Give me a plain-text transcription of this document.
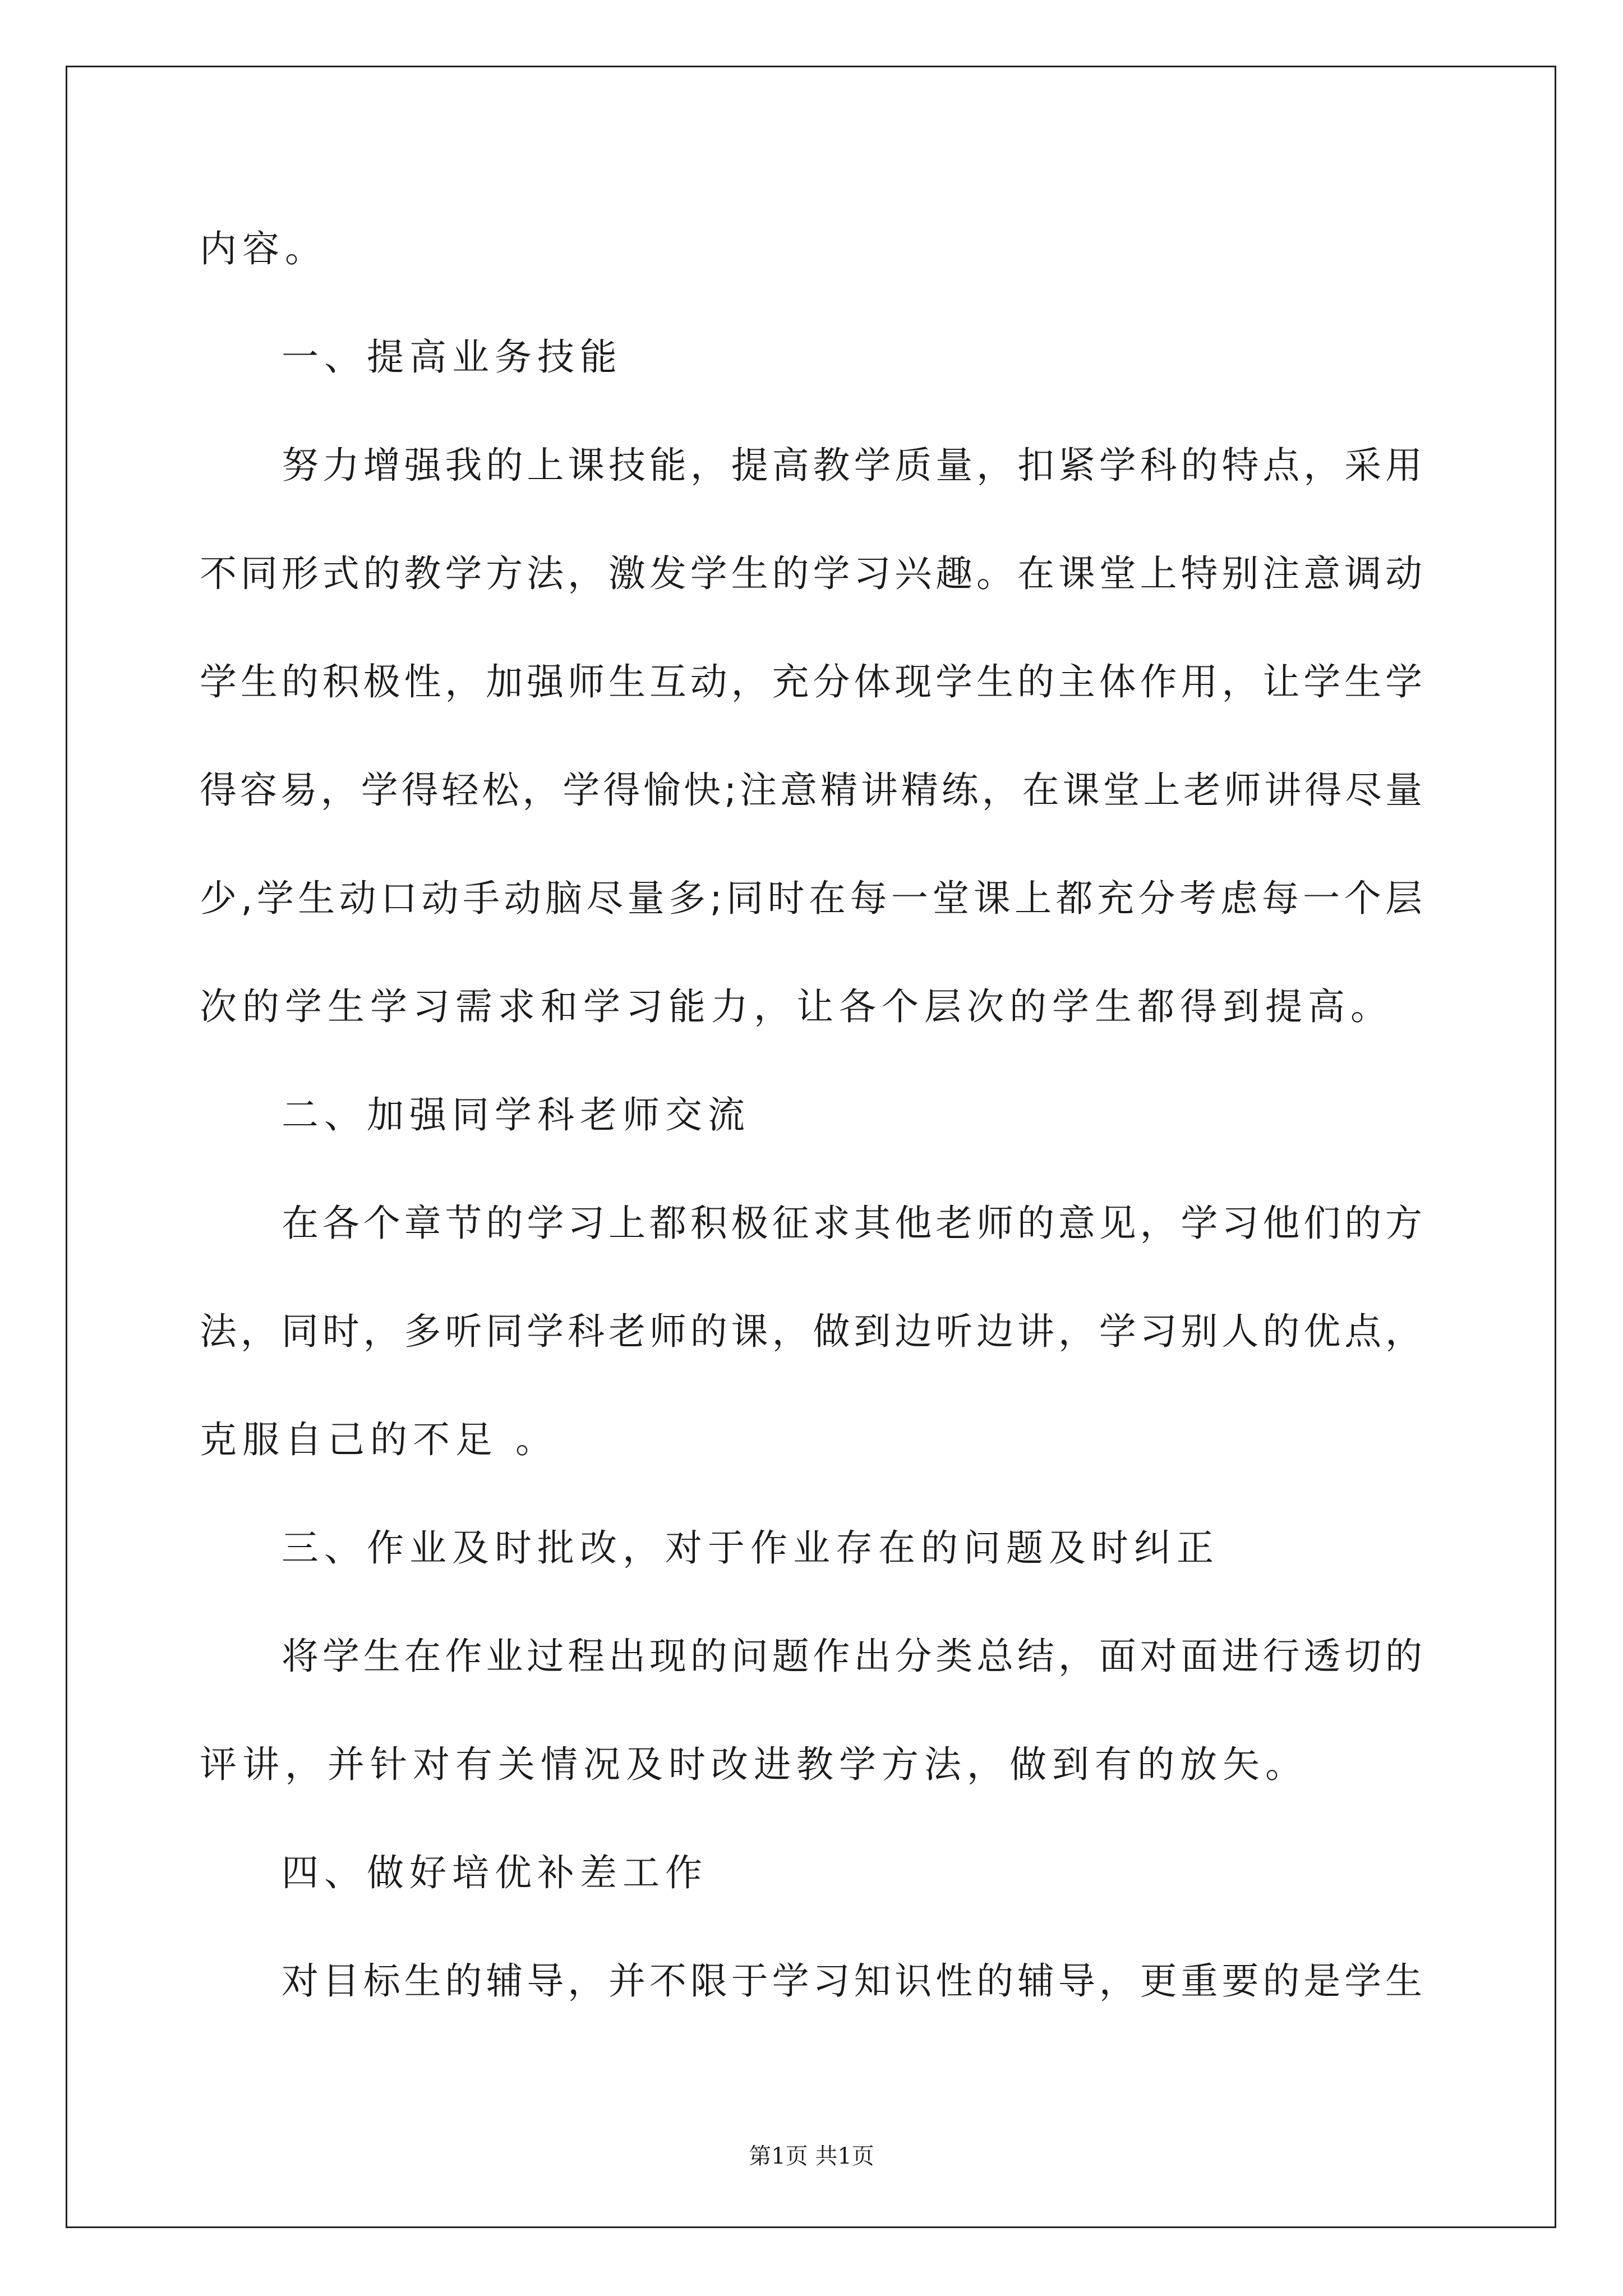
内容。
一、提高业务技能
努力增强我的上课技能，提高教学质量，扣紧学科的特点，采用
不同形式的教学方法，激发学生的学习兴趣。在课堂上特别注意调动
学生的积极性，加强师生互动，充分体现学生的主体作用，让学生学
得容易，学得轻松，学得愉快;注意精讲精练，在课堂上老师讲得尽量
少,学生动口动手动脑尽量多;同时在每一堂课上都充分考虑每一个层
次的学生学习需求和学习能力，让各个层次的学生都得到提高。
二、加强同学科老师交流
在各个章节的学习上都积极征求其他老师的意见，学习他们的方
法，同时，多听同学科老师的课，做到边听边讲，学习别人的优点，
克服自己的不足 。
三、作业及时批改，对于作业存在的问题及时纠正
将学生在作业过程出现的问题作出分类总结，面对面进行透切的
评讲，并针对有关情况及时改进教学方法，做到有的放矢。
四、做好培优补差工作
对目标生的辅导，并不限于学习知识性的辅导，更重要的是学生
第1页 共1页
